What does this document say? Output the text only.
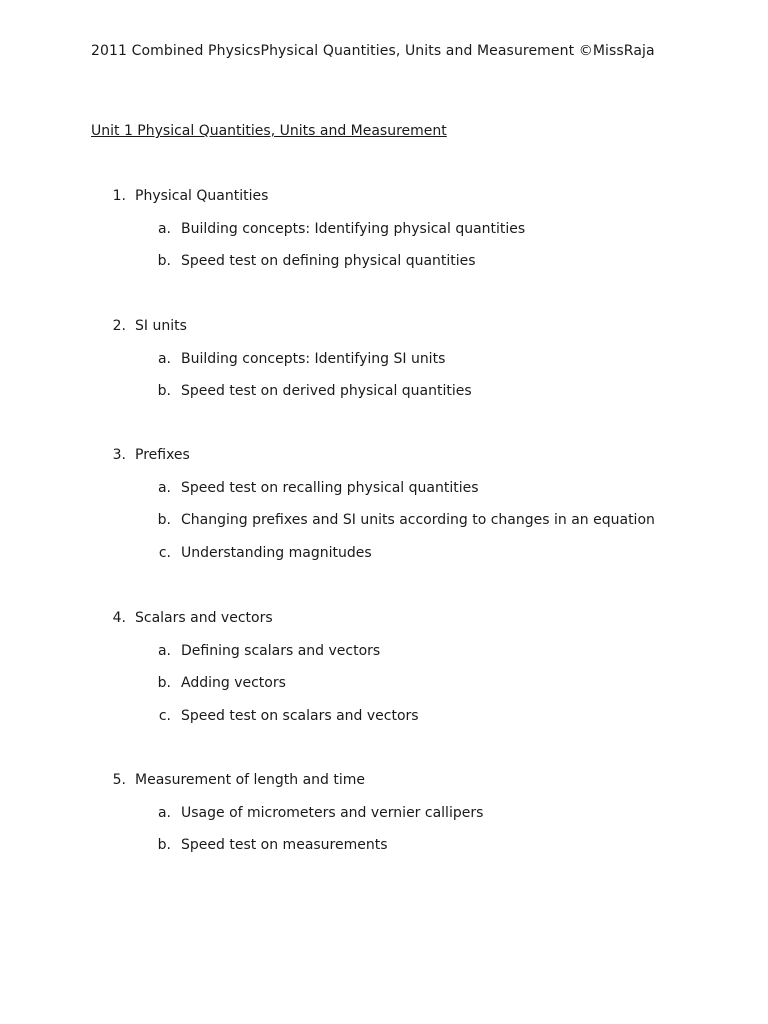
2011 Combined PhysicsPhysical Quantities, Units and Measurement ©MissRaja
Unit 1 Physical Quantities, Units and Measurement
1. Physical Quantities
a. Building concepts: Identifying physical quantities
b. Speed test on defining physical quantities
2. SI units
a. Building concepts: Identifying SI units
b. Speed test on derived physical quantities
3. Prefixes
a. Speed test on recalling physical quantities
b. Changing prefixes and SI units according to changes in an equation
c. Understanding magnitudes
4. Scalars and vectors
a. Defining scalars and vectors
b. Adding vectors
c. Speed test on scalars and vectors
5. Measurement of length and time
a. Usage of micrometers and vernier callipers
b. Speed test on measurements
